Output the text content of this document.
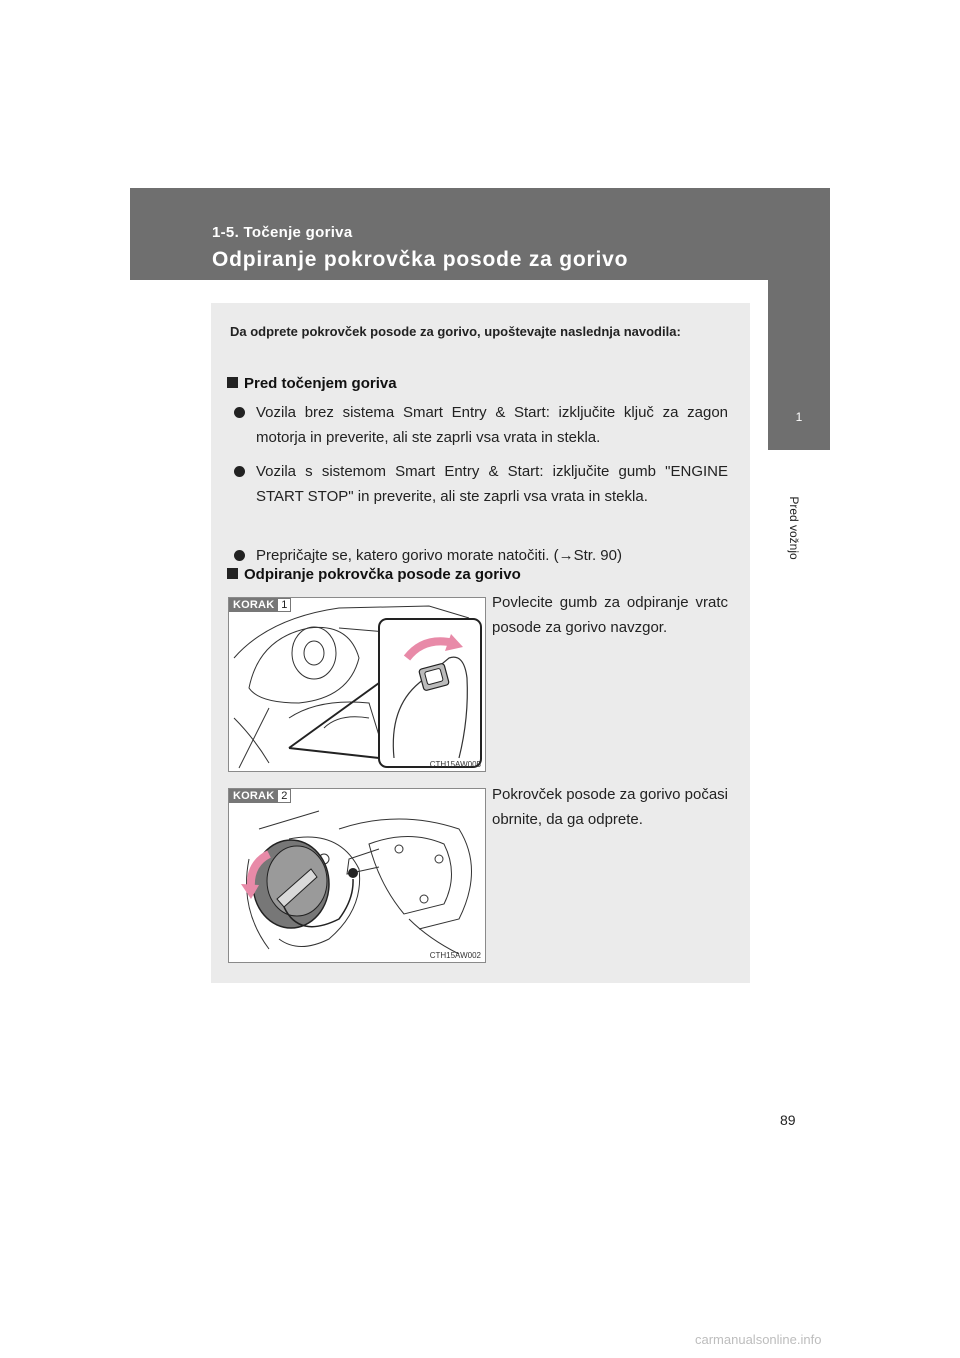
1-5. Točenje goriva
Odpiranje pokrovčka posode za gorivo
1
Pred vožnjo
Da odprete pokrovček posode za gorivo, upoštevajte naslednja navodila:
Pred točenjem goriva
Vozila brez sistema Smart Entry & Start: izključite ključ za zagon motorja in preverite, ali ste zaprli vsa vrata in stekla.
Vozila s sistemom Smart Entry & Start: izključite gumb "ENGINE START STOP" in preverite, ali ste zaprli vsa vrata in stekla.
Prepričajte se, katero gorivo morate natočiti. (→Str. 90)
Odpiranje pokrovčka posode za gorivo
KORAK 1
CTH15AW005
Povlecite gumb za odpiranje vratc posode za gorivo navzgor.
KORAK 2
CTH15AW002
Pokrovček posode za gorivo počasi obrnite, da ga odprete.
89
carmanualsonline.info
